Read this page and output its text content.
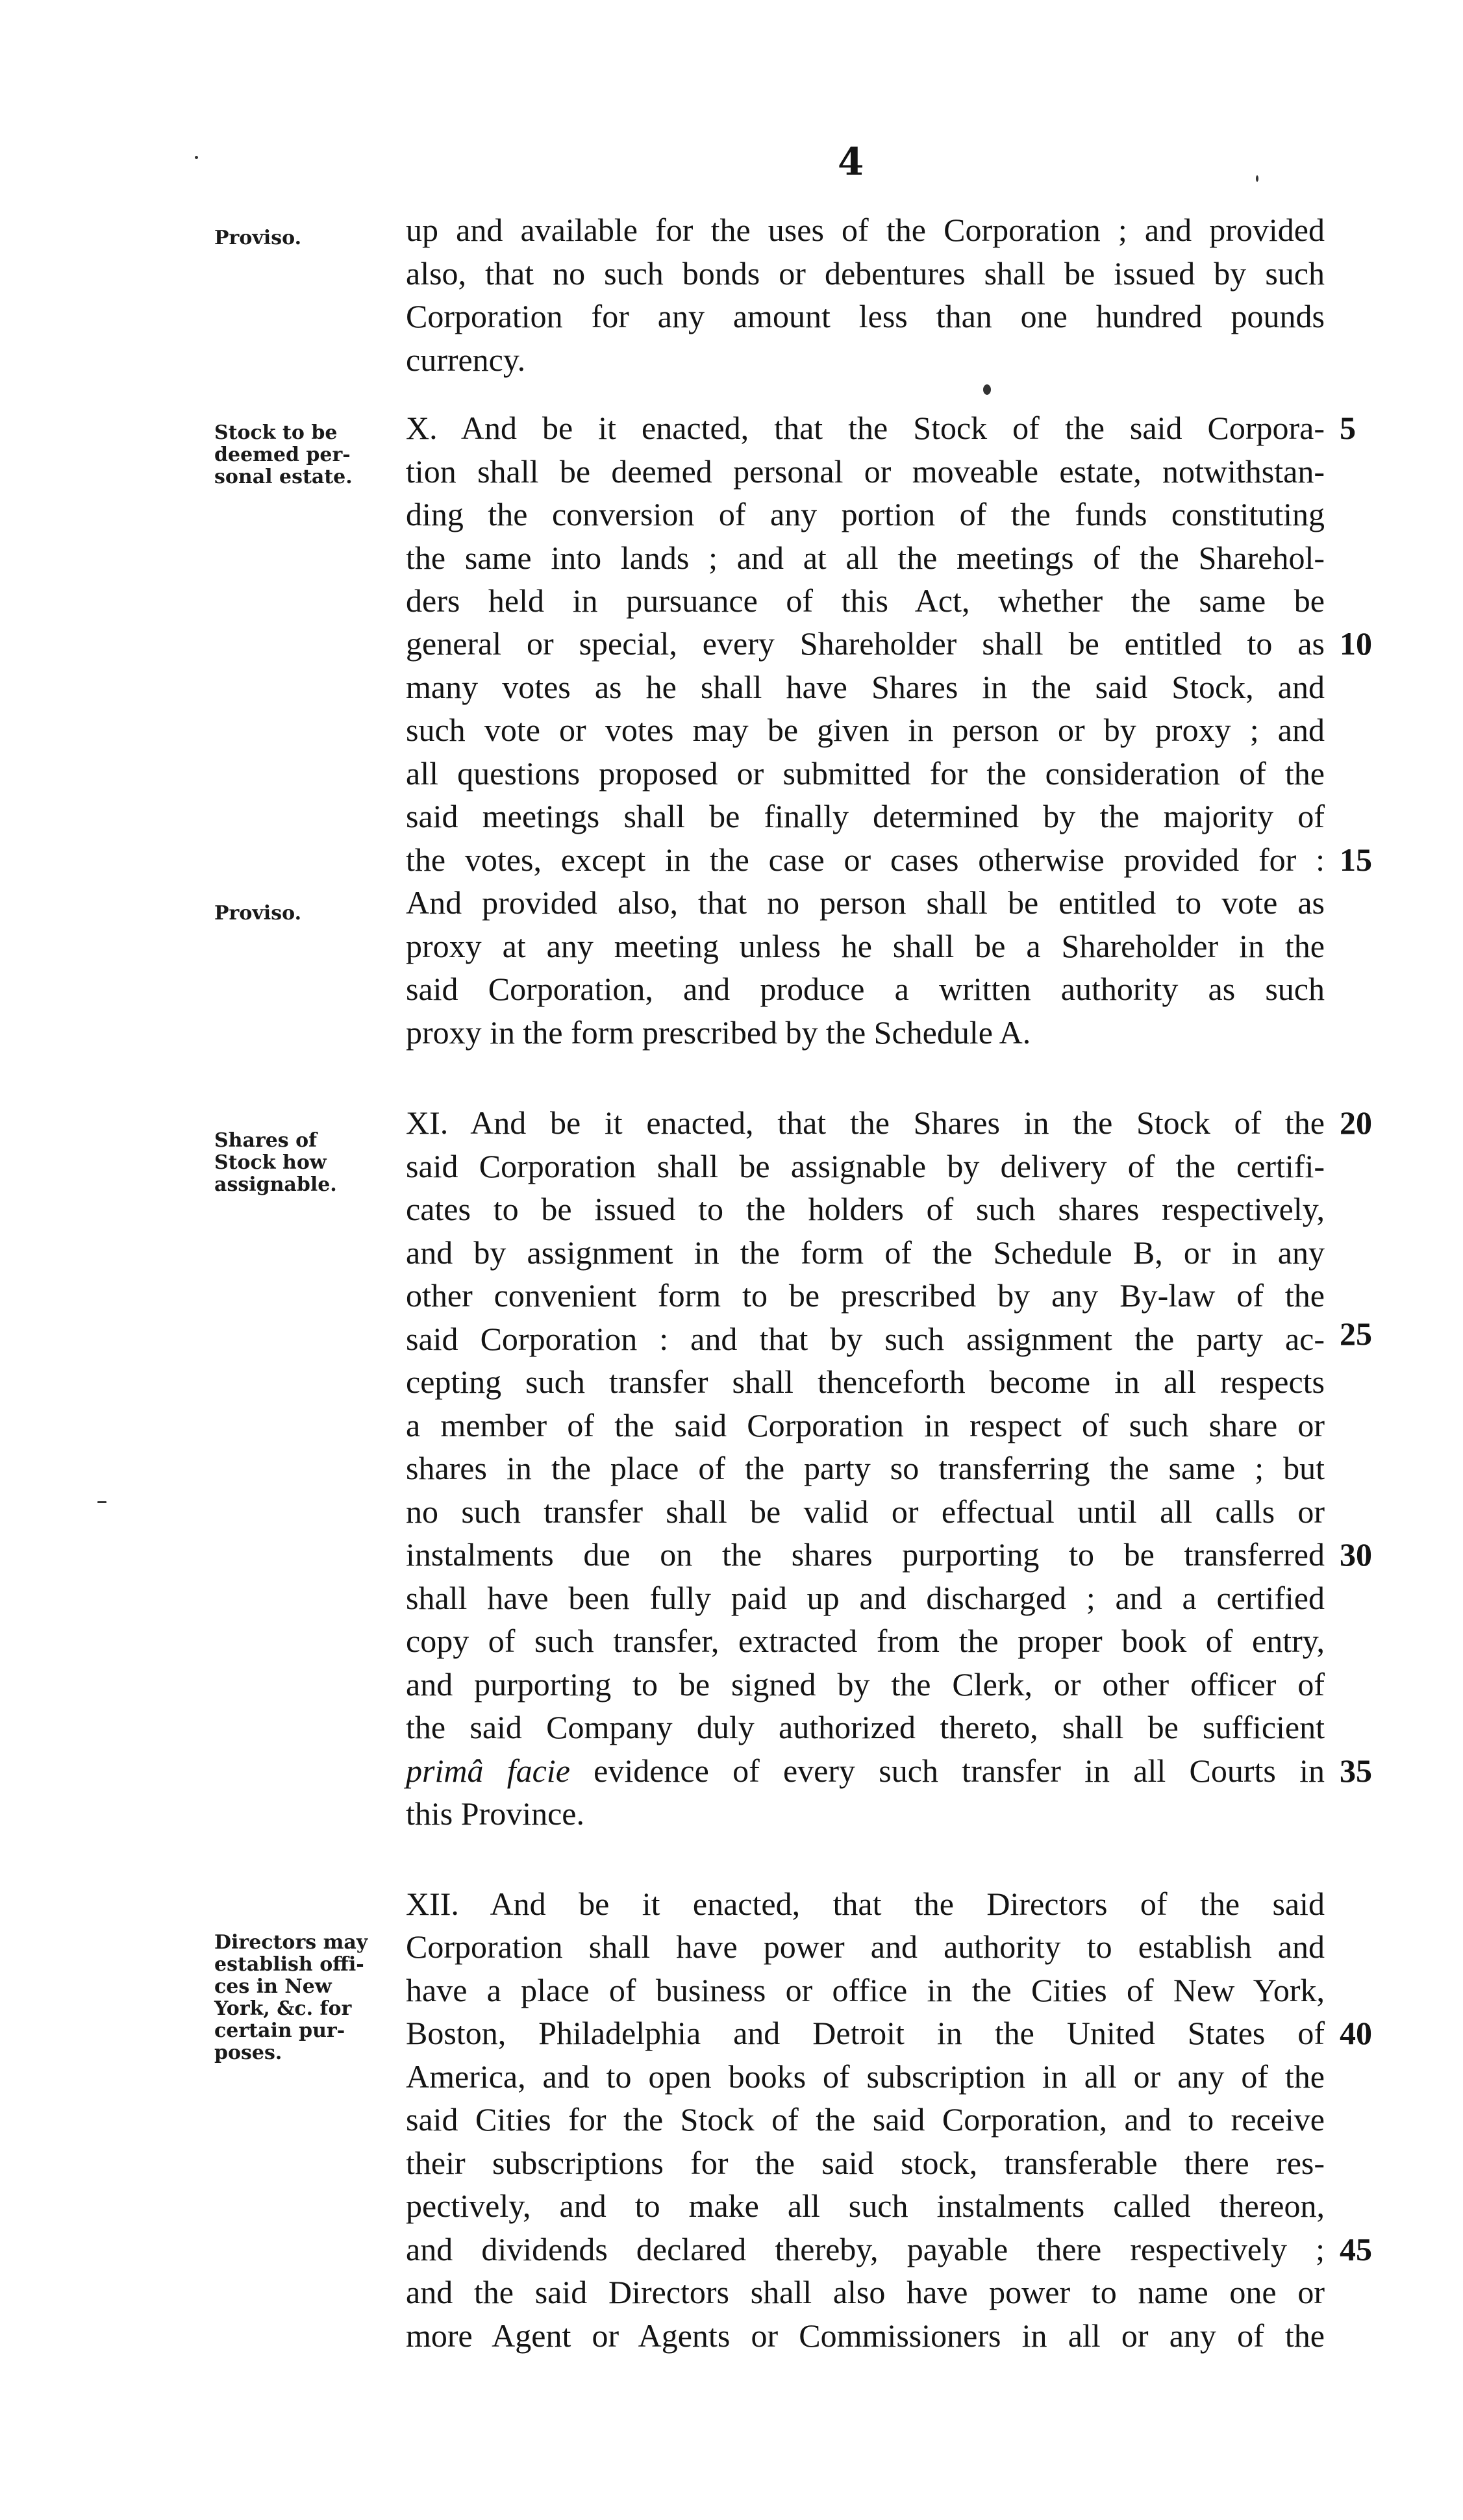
4
Proviso.
Stock to be
deemed per-
sonal estate.
Proviso.
Shares of
Stock how
assignable.
Directors may
establish offi-
ces in New
York, &c. for
certain pur-
poses.
up and available for the uses of the Corporation ; and provided
also, that no such bonds or debentures shall be issued by such
Corporation for any amount less than one hundred pounds
currency.
X. And be it enacted, that the Stock of the said Corpora-
tion shall be deemed personal or moveable estate, notwithstan-
ding the conversion of any portion of the funds constituting
the same into lands ; and at all the meetings of the Sharehol-
ders held in pursuance of this Act, whether the same be
general or special, every Shareholder shall be entitled to as
many votes as he shall have Shares in the said Stock, and
such vote or votes may be given in person or by proxy ; and
all questions proposed or submitted for the consideration of the
said meetings shall be finally determined by the majority of
the votes, except in the case or cases otherwise provided for :
And provided also, that no person shall be entitled to vote as
proxy at any meeting unless he shall be a Shareholder in the
said Corporation, and produce a written authority as such
proxy in the form prescribed by the Schedule A.
XI. And be it enacted, that the Shares in the Stock of the
said Corporation shall be assignable by delivery of the certifi-
cates to be issued to the holders of such shares respectively,
and by assignment in the form of the Schedule B, or in any
other convenient form to be prescribed by any By-law of the
said Corporation : and that by such assignment the party ac-
cepting such transfer shall thenceforth become in all respects
a member of the said Corporation in respect of such share or
shares in the place of the party so transferring the same ; but
no such transfer shall be valid or effectual until all calls or
instalments due on the shares purporting to be transferred
shall have been fully paid up and discharged ; and a certified
copy of such transfer, extracted from the proper book of entry,
and purporting to be signed by the Clerk, or other officer of
the said Company duly authorized thereto, shall be sufficient
primâ facie evidence of every such transfer in all Courts in
this Province.
XII. And be it enacted, that the Directors of the said
Corporation shall have power and authority to establish and
have a place of business or office in the Cities of New York,
Boston, Philadelphia and Detroit in the United States of
America, and to open books of subscription in all or any of the
said Cities for the Stock of the said Corporation, and to receive
their subscriptions for the said stock, transferable there res-
pectively, and to make all such instalments called thereon,
and dividends declared thereby, payable there respectively ;
and the said Directors shall also have power to name one or
more Agent or Agents or Commissioners in all or any of the
5
10
15
20
25
30
35
40
45
